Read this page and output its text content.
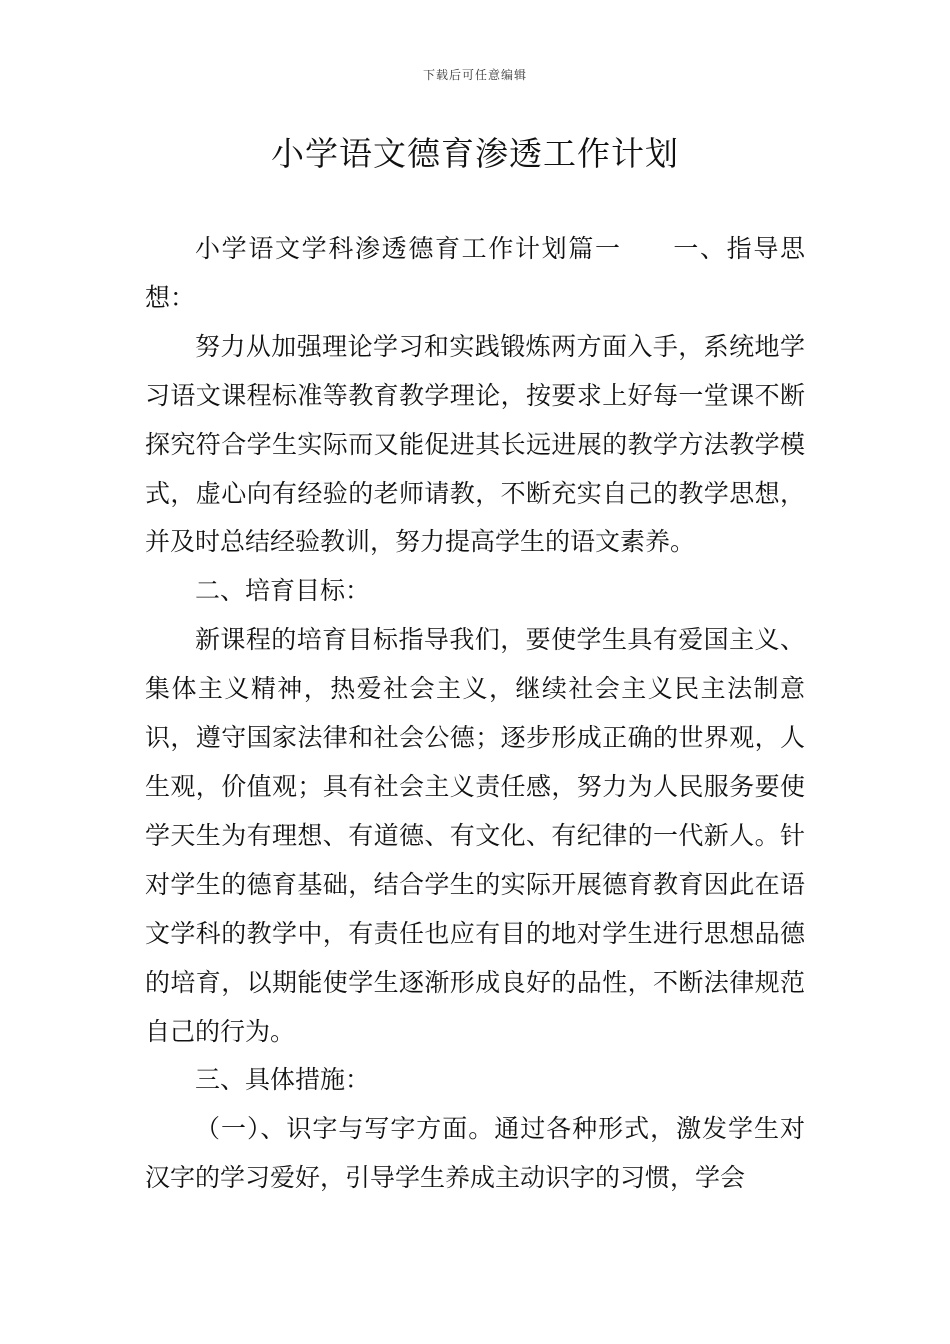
下载后可任意编辑
小学语文德育渗透工作计划

小学语文学科渗透德育工作计划篇一 一、指导思想：

努力从加强理论学习和实践锻炼两方面入手，系统地学习语文课程标准等教育教学理论，按要求上好每一堂课不断探究符合学生实际而又能促进其长远进展的教学方法教学模式，虚心向有经验的老师请教，不断充实自己的教学思想，并及时总结经验教训，努力提高学生的语文素养。

二、培育目标：

新课程的培育目标指导我们，要使学生具有爱国主义、集体主义精神，热爱社会主义，继续社会主义民主法制意识，遵守国家法律和社会公德；逐步形成正确的世界观，人生观，价值观；具有社会主义责任感，努力为人民服务要使学天生为有理想、有道德、有文化、有纪律的一代新人。针对学生的德育基础，结合学生的实际开展德育教育因此在语文学科的教学中，有责任也应有目的地对学生进行思想品德的培育，以期能使学生逐渐形成良好的品性，不断法律规范自己的行为。

三、具体措施：

（一）、识字与写字方面。通过各种形式，激发学生对汉字的学习爱好，引导学生养成主动识字的习惯，学会
